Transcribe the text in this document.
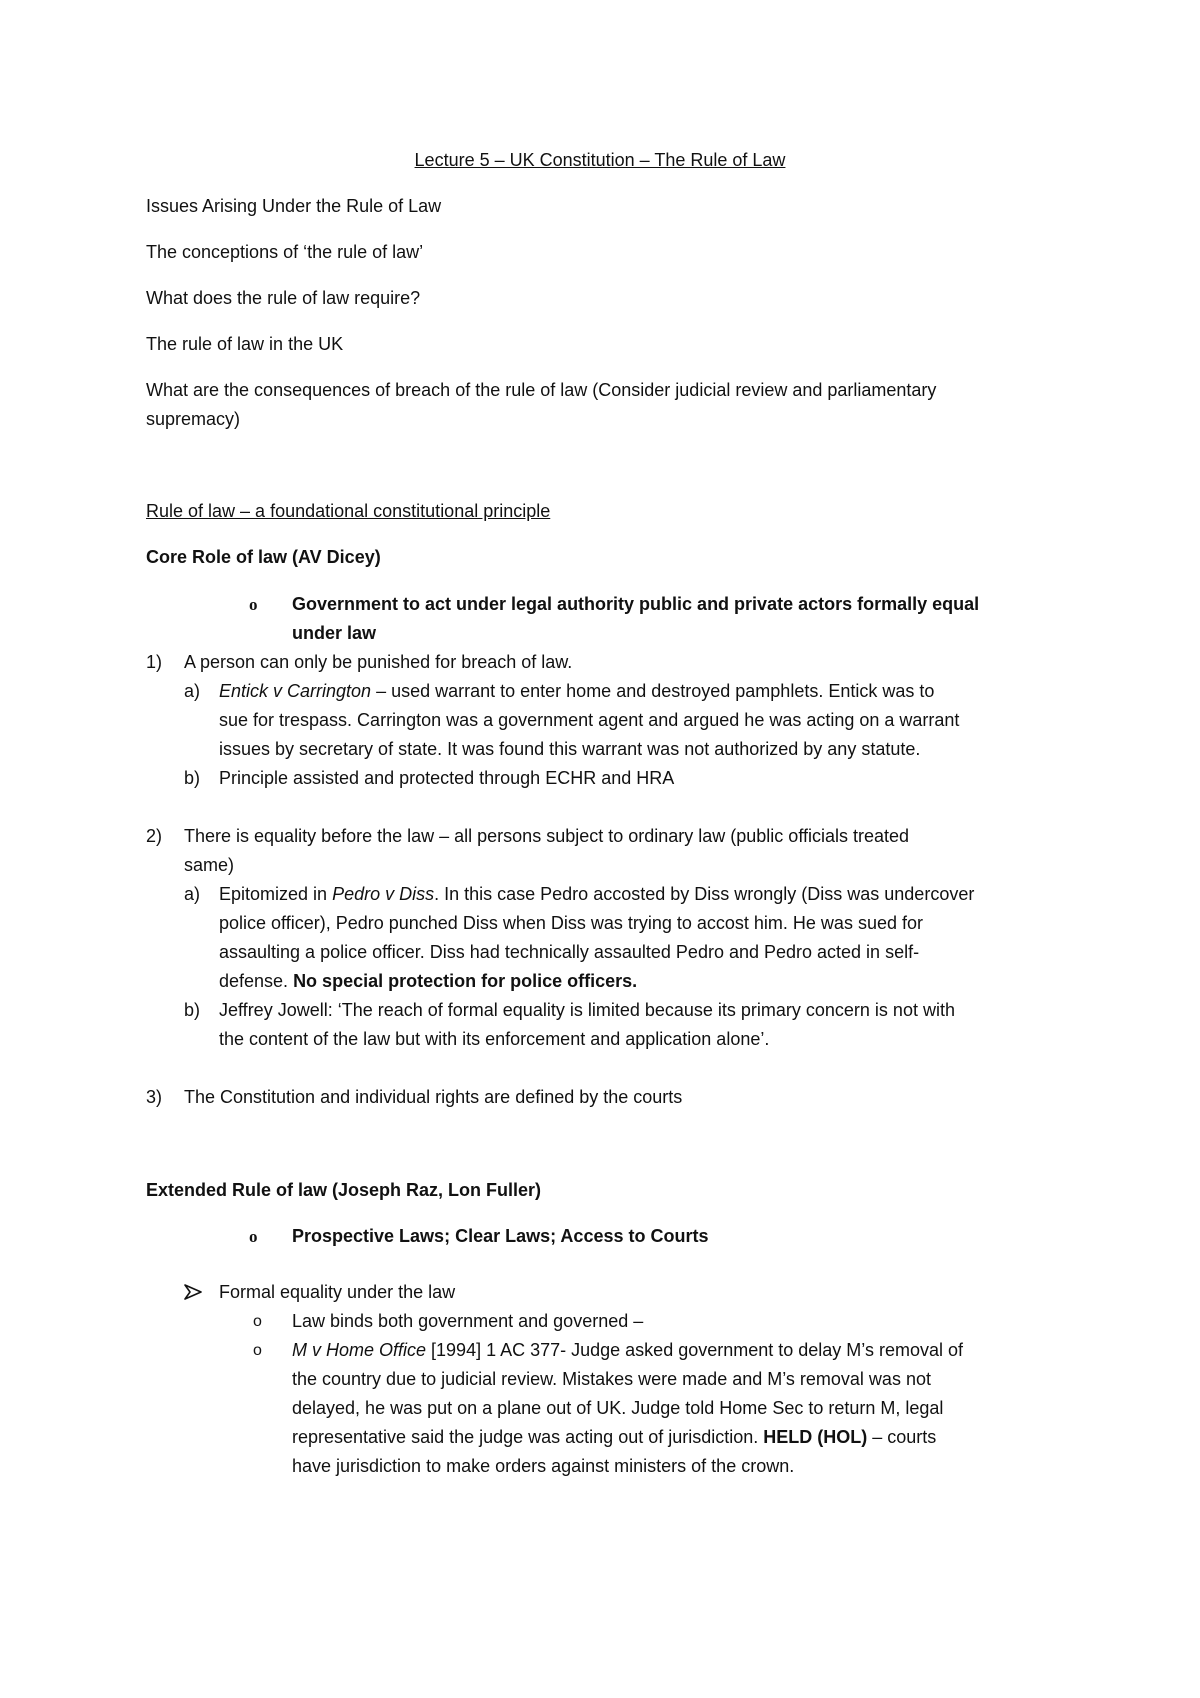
Lecture 5 – UK Constitution – The Rule of Law
Issues Arising Under the Rule of Law
The conceptions of ‘the rule of law’
What does the rule of law require?
The rule of law in the UK
What are the consequences of breach of the rule of law (Consider judicial review and parliamentary
supremacy)
Rule of law – a foundational constitutional principle
Core Role of law (AV Dicey)
o Government to act under legal authority public and private actors formally equal
under law
1) A person can only be punished for breach of law.
a) Entick v Carrington – used warrant to enter home and destroyed pamphlets. Entick was to
sue for trespass. Carrington was a government agent and argued he was acting on a warrant
issues by secretary of state. It was found this warrant was not authorized by any statute.
b) Principle assisted and protected through ECHR and HRA
2) There is equality before the law – all persons subject to ordinary law (public officials treated
same)
a) Epitomized in Pedro v Diss. In this case Pedro accosted by Diss wrongly (Diss was undercover
police officer), Pedro punched Diss when Diss was trying to accost him. He was sued for
assaulting a police officer. Diss had technically assaulted Pedro and Pedro acted in self-
defense. No special protection for police officers.
b) Jeffrey Jowell: ‘The reach of formal equality is limited because its primary concern is not with
the content of the law but with its enforcement and application alone’.
3) The Constitution and individual rights are defined by the courts
Extended Rule of law (Joseph Raz, Lon Fuller)
o Prospective Laws; Clear Laws; Access to Courts
Formal equality under the law
o Law binds both government and governed –
o M v Home Office [1994] 1 AC 377- Judge asked government to delay M’s removal of
the country due to judicial review. Mistakes were made and M’s removal was not
delayed, he was put on a plane out of UK. Judge told Home Sec to return M, legal
representative said the judge was acting out of jurisdiction. HELD (HOL) – courts
have jurisdiction to make orders against ministers of the crown.
